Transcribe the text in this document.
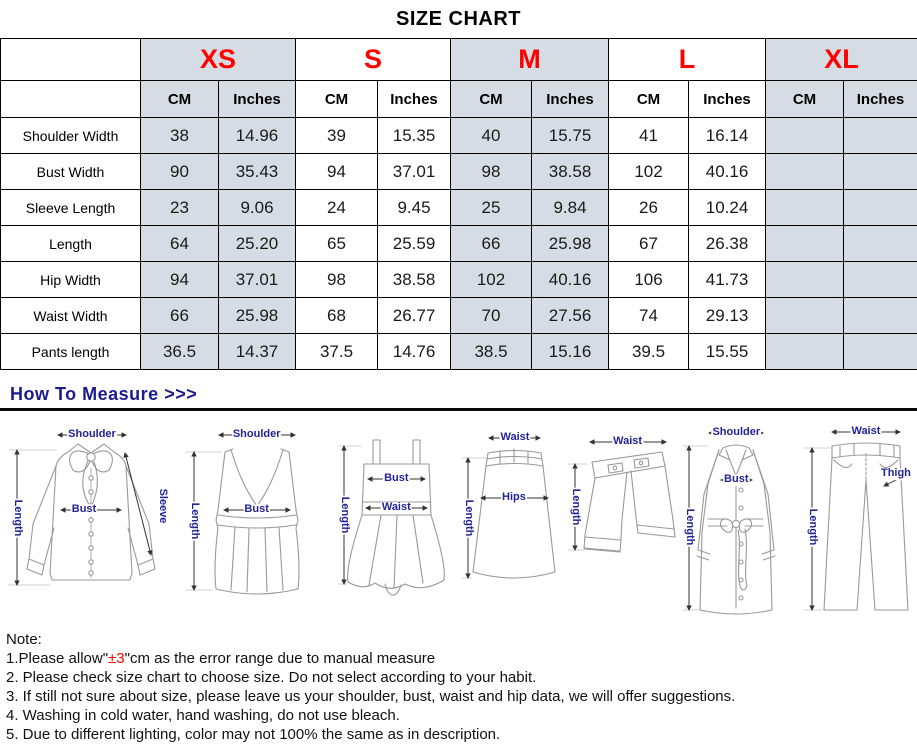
SIZE CHART
	XS		S		M		L		XL	
	CM	Inches	CM	Inches	CM	Inches	CM	Inches	CM	Inches
Shoulder Width	38	14.96	39	15.35	40	15.75	41	16.14		
Bust Width	90	35.43	94	37.01	98	38.58	102	40.16		
Sleeve Length	23	9.06	24	9.45	25	9.84	26	10.24		
Length	64	25.20	65	25.59	66	25.98	67	26.38		
Hip Width	94	37.01	98	38.58	102	40.16	106	41.73		
Waist Width	66	25.98	68	26.77	70	27.56	74	29.13		
Pants length	36.5	14.37	37.5	14.76	38.5	15.16	39.5	15.55		
How To Measure >>>
Shoulder
Length	Bust	Sleeve
Shoulder
Length	Bust	Length
Bust
Waist
Waist
Length
Hips
Waist
Length
Shoulder
Length
Bust
Waist
Length
Thigh
Note:
1.Please allow"±3"cm as the error range due to manual measure
2. Please check size chart to choose size. Do not select according to your habit.
3. If still not sure about size, please leave us your shoulder, bust, waist and hip data, we will offer suggestions.
4. Washing in cold water, hand washing, do not use bleach.
5. Due to different lighting, color may not 100% the same as in description.
